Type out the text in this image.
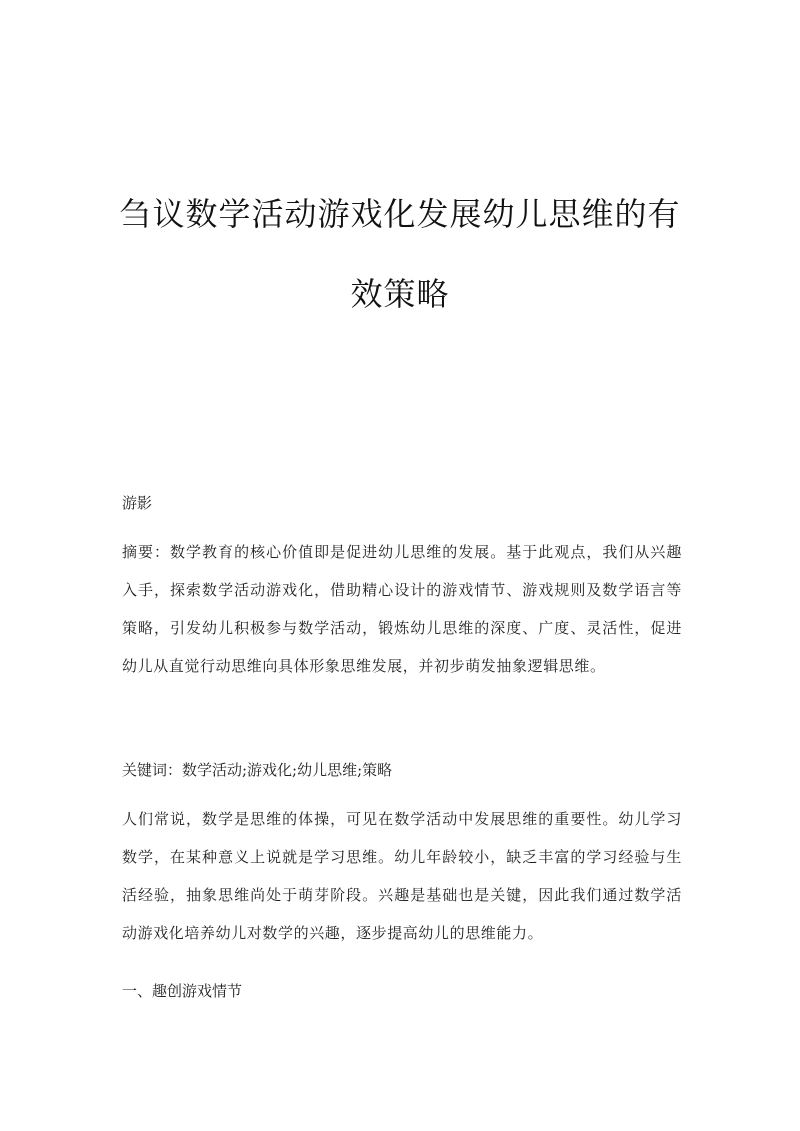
刍议数学活动游戏化发展幼儿思维的有
效策略

游影

摘要：数学教育的核心价值即是促进幼儿思维的发展。基于此观点，我们从兴趣入手，探索数学活动游戏化，借助精心设计的游戏情节、游戏规则及数学语言等策略，引发幼儿积极参与数学活动，锻炼幼儿思维的深度、广度、灵活性，促进幼儿从直觉行动思维向具体形象思维发展，并初步萌发抽象逻辑思维。

关键词：数学活动;游戏化;幼儿思维;策略

人们常说，数学是思维的体操，可见在数学活动中发展思维的重要性。幼儿学习数学，在某种意义上说就是学习思维。幼儿年龄较小，缺乏丰富的学习经验与生活经验，抽象思维尚处于萌芽阶段。兴趣是基础也是关键，因此我们通过数学活动游戏化培养幼儿对数学的兴趣，逐步提高幼儿的思维能力。

一、趣创游戏情节
